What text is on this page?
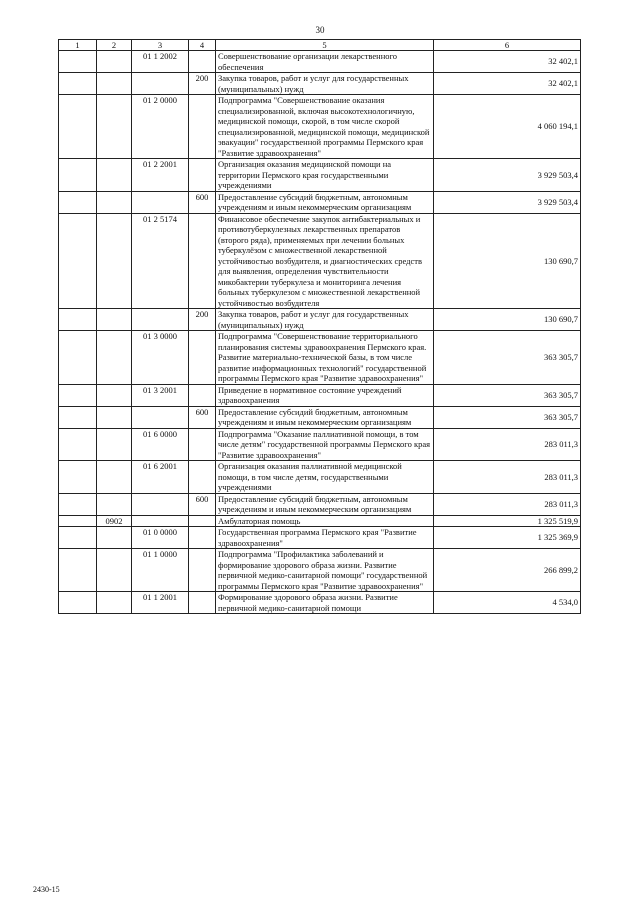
30
1	2	3	4	5	6
		01 1 2002		Совершенствование организации лекарственного обеспечения	32 402,1
			200	Закупка товаров, работ и услуг для государственных (муниципальных) нужд	32 402,1
		01 2 0000		Подпрограмма "Совершенствование оказания специализированной, включая высокотехнологичную, медицинской помощи, скорой, в том числе скорой специализированной, медицинской помощи, медицинской эвакуации" государственной программы Пермского края "Развитие здравоохранения"	4 060 194,1
		01 2 2001		Организация оказания медицинской помощи на территории Пермского края государственными учреждениями	3 929 503,4
			600	Предоставление субсидий бюджетным, автономным учреждениям и иным некоммерческим организациям	3 929 503,4
		01 2 5174		Финансовое обеспечение закупок антибактериальных и противотуберкулезных лекарственных препаратов (второго ряда), применяемых при лечении больных туберкулёзом с множественной лекарственной устойчивостью возбудителя, и диагностических средств для выявления, определения чувствительности микобактерии туберкулеза и мониторинга лечения больных туберкулезом с множественной лекарственной устойчивостью возбудителя	130 690,7
			200	Закупка товаров, работ и услуг для государственных (муниципальных) нужд	130 690,7
		01 3 0000		Подпрограмма "Совершенствование территориального планирования системы здравоохранения Пермского края. Развитие материально-технической базы, в том числе развитие информационных технологий" государственной программы Пермского края "Развитие здравоохранения"	363 305,7
		01 3 2001		Приведение в нормативное состояние учреждений здравоохранения	363 305,7
			600	Предоставление субсидий бюджетным, автономным учреждениям и иным некоммерческим организациям	363 305,7
		01 6 0000		Подпрограмма "Оказание паллиативной помощи, в том числе детям" государственной программы Пермского края "Развитие здравоохранения"	283 011,3
		01 6 2001		Организация оказания паллиативной медицинской помощи, в том числе детям, государственными учреждениями	283 011,3
			600	Предоставление субсидий бюджетным, автономным учреждениям и иным некоммерческим организациям	283 011,3
	0902			Амбулаторная помощь	1 325 519,9
		01 0 0000		Государственная программа Пермского края "Развитие здравоохранения"	1 325 369,9
		01 1 0000		Подпрограмма "Профилактика заболеваний и формирование здорового образа жизни. Развитие первичной медико-санитарной помощи" государственной программы Пермского края "Развитие здравоохранения"	266 899,2
		01 1 2001		Формирование здорового образа жизни. Развитие первичной медико-санитарной помощи	4 534,0
2430-15
